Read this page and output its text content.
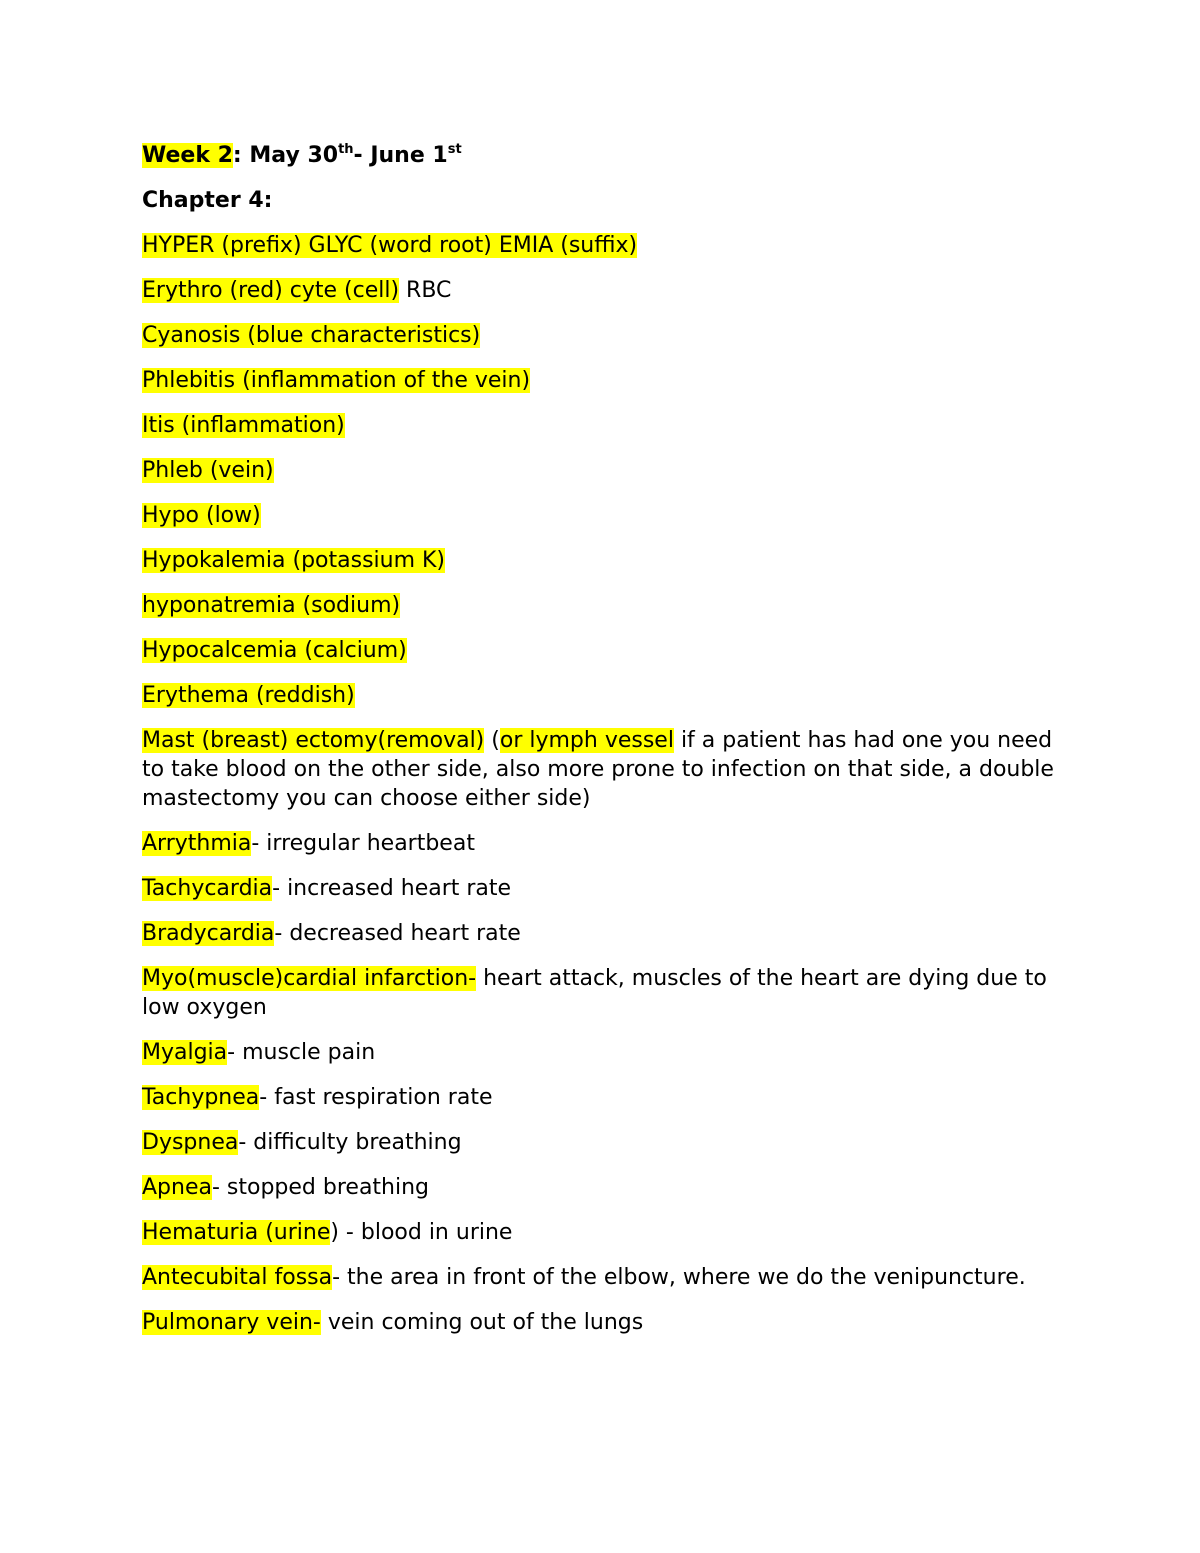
Week 2: May 30th- June 1st

Chapter 4:

HYPER (prefix) GLYC (word root) EMIA (suffix)

Erythro (red) cyte (cell) RBC

Cyanosis (blue characteristics)

Phlebitis (inflammation of the vein)

Itis (inflammation)

Phleb (vein)

Hypo (low)

Hypokalemia (potassium K)

hyponatremia (sodium)

Hypocalcemia (calcium)

Erythema (reddish)

Mast (breast) ectomy(removal) (or lymph vessel if a patient has had one you need to take blood on the other side, also more prone to infection on that side, a double mastectomy you can choose either side)

Arrythmia- irregular heartbeat

Tachycardia- increased heart rate

Bradycardia- decreased heart rate

Myo(muscle)cardial infarction- heart attack, muscles of the heart are dying due to low oxygen

Myalgia- muscle pain

Tachypnea- fast respiration rate

Dyspnea- difficulty breathing

Apnea- stopped breathing

Hematuria (urine) - blood in urine

Antecubital fossa- the area in front of the elbow, where we do the venipuncture.

Pulmonary vein- vein coming out of the lungs
